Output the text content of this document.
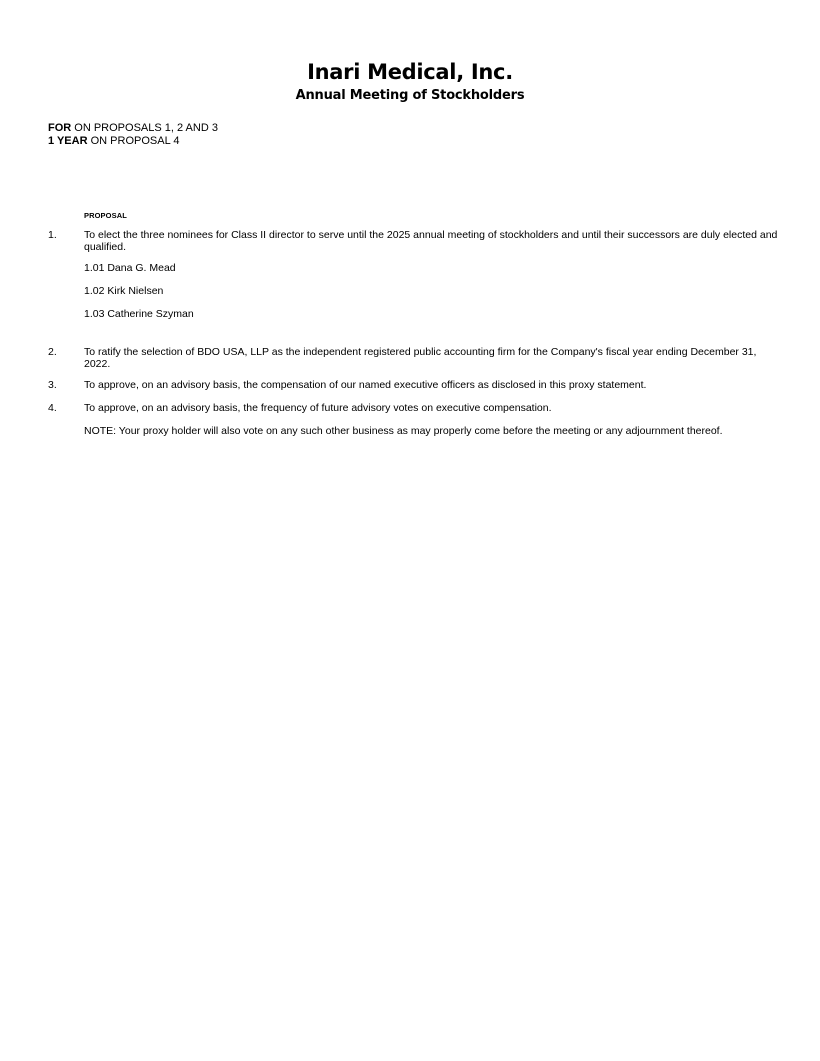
Inari Medical, Inc.
Annual Meeting of Stockholders
FOR ON PROPOSALS 1, 2 AND 3
1 YEAR ON PROPOSAL 4
PROPOSAL
1.	To elect the three nominees for Class II director to serve until the 2025 annual meeting of stockholders and until their successors are duly elected and qualified.
1.01 Dana G. Mead
1.02 Kirk Nielsen
1.03 Catherine Szyman
2.	To ratify the selection of BDO USA, LLP as the independent registered public accounting firm for the Company's fiscal year ending December 31, 2022.
3.	To approve, on an advisory basis, the compensation of our named executive officers as disclosed in this proxy statement.
4.	To approve, on an advisory basis, the frequency of future advisory votes on executive compensation.
NOTE: Your proxy holder will also vote on any such other business as may properly come before the meeting or any adjournment thereof.
